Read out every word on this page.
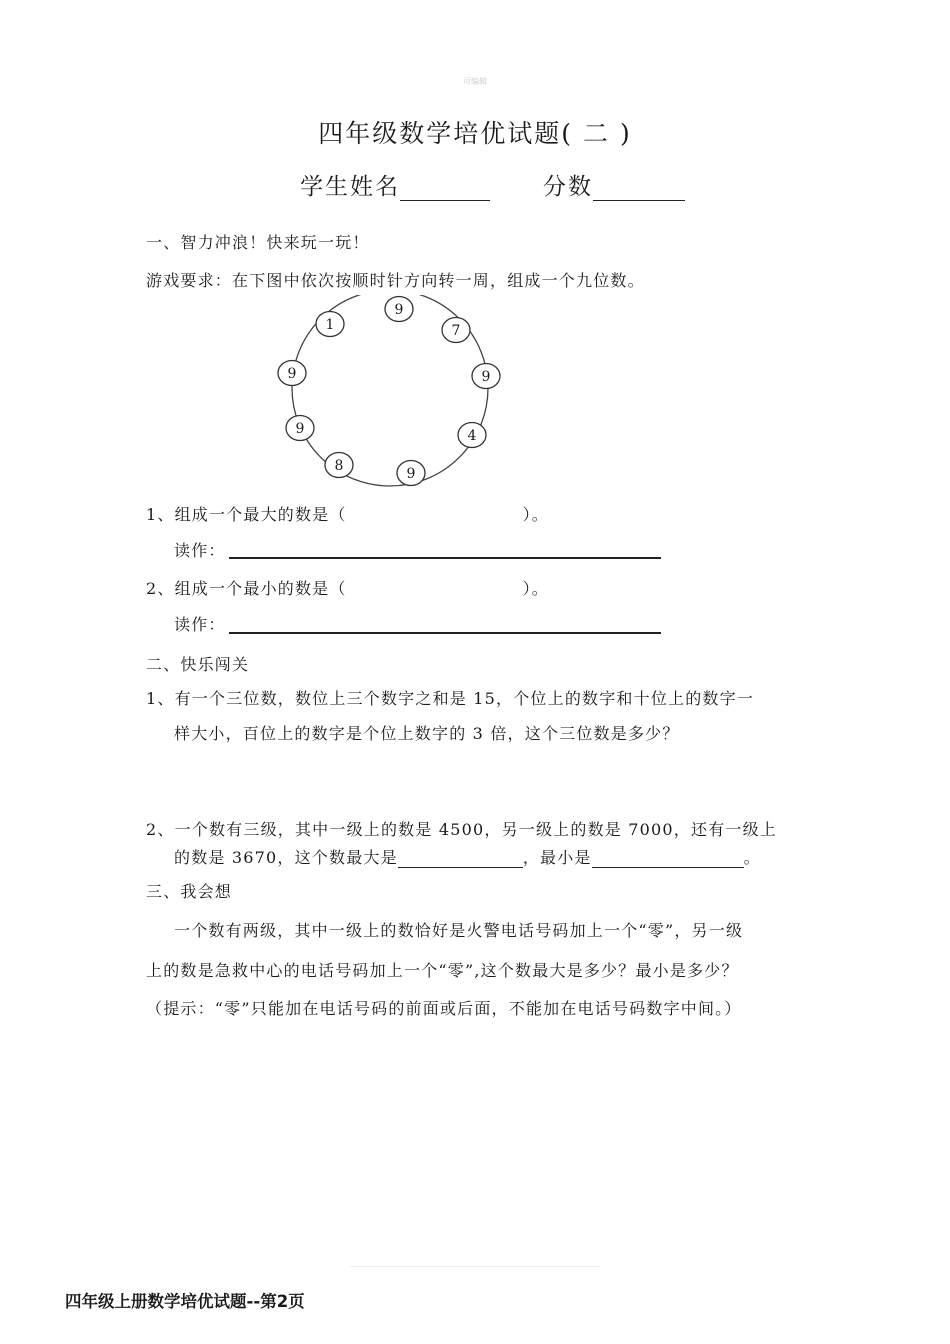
可编辑
四年级数学培优试题( 二 )
学生姓名	分数
一、智力冲浪！快来玩一玩！
游戏要求：在下图中依次按顺时针方向转一周，组成一个九位数。
9
7
9
4
9
8
9
9
1
1、组成一个最大的数是（	）。
读作：
2、组成一个最小的数是（	）。
读作：
二、快乐闯关
1、有一个三位数，数位上三个数字之和是 15，个位上的数字和十位上的数字一
样大小，百位上的数字是个位上数字的 3 倍，这个三位数是多少？
2、一个数有三级，其中一级上的数是 4500，另一级上的数是 7000，还有一级上
的数是 3670，这个数最大是	，最小是	。
三、我会想
一个数有两级，其中一级上的数恰好是火警电话号码加上一个“零”，另一级
上的数是急救中心的电话号码加上一个“零”,这个数最大是多少？最小是多少？
（提示：“零”只能加在电话号码的前面或后面，不能加在电话号码数字中间。）
四年级上册数学培优试题--第2页
